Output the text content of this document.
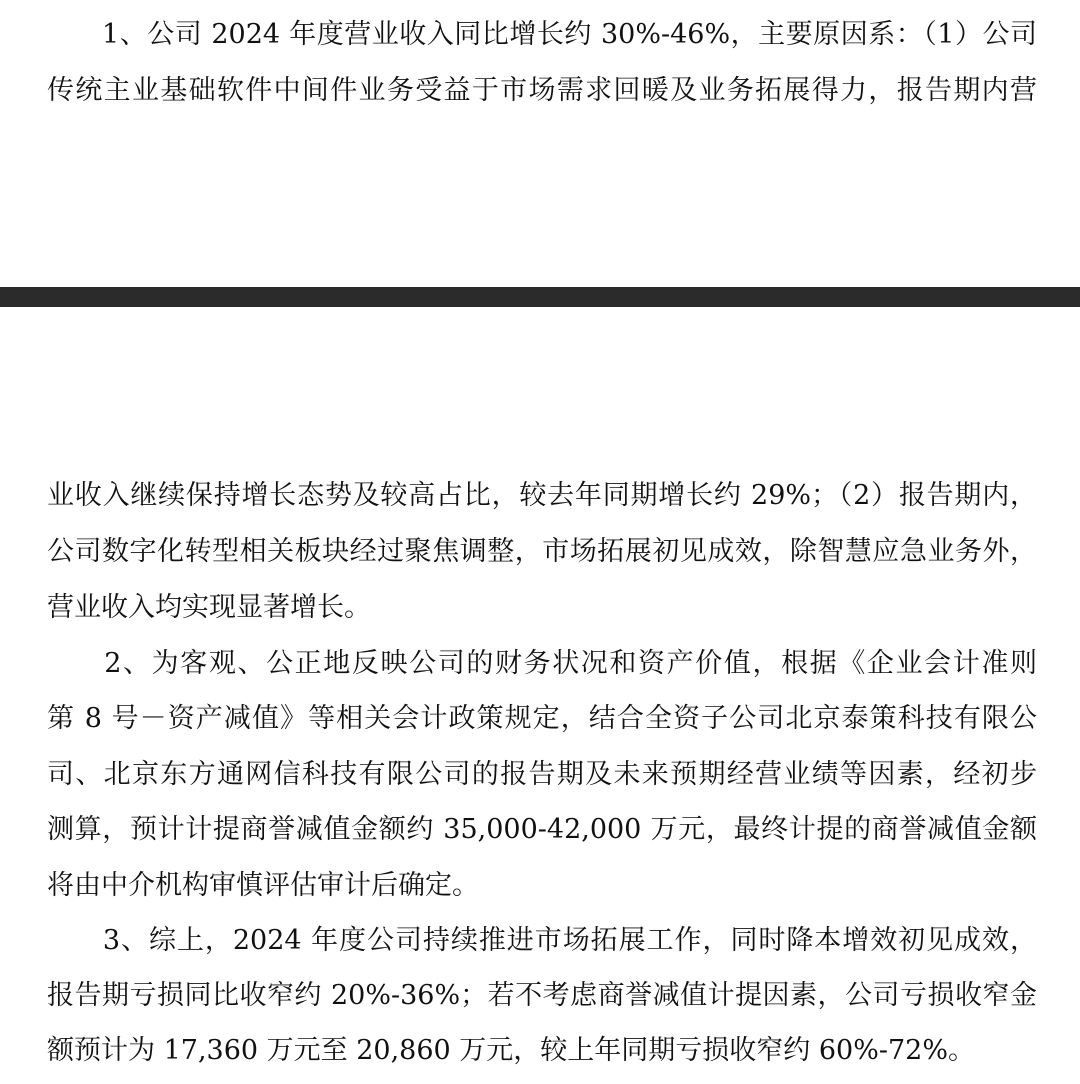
　　1、公司 2024 年度营业收入同比增长约 30%-46%，主要原因系：（1）公司
传统主业基础软件中间件业务受益于市场需求回暖及业务拓展得力，报告期内营
业收入继续保持增长态势及较高占比，较去年同期增长约 29%；（2）报告期内，
公司数字化转型相关板块经过聚焦调整，市场拓展初见成效，除智慧应急业务外，
营业收入均实现显著增长。
　　2、为客观、公正地反映公司的财务状况和资产价值，根据《企业会计准则
第 8 号－资产减值》等相关会计政策规定，结合全资子公司北京泰策科技有限公
司、北京东方通网信科技有限公司的报告期及未来预期经营业绩等因素，经初步
测算，预计计提商誉减值金额约 35,000-42,000 万元，最终计提的商誉减值金额
将由中介机构审慎评估审计后确定。
　　3、综上，2024 年度公司持续推进市场拓展工作，同时降本增效初见成效，
报告期亏损同比收窄约 20%-36%；若不考虑商誉减值计提因素，公司亏损收窄金
额预计为 17,360 万元至 20,860 万元，较上年同期亏损收窄约 60%-72%。
